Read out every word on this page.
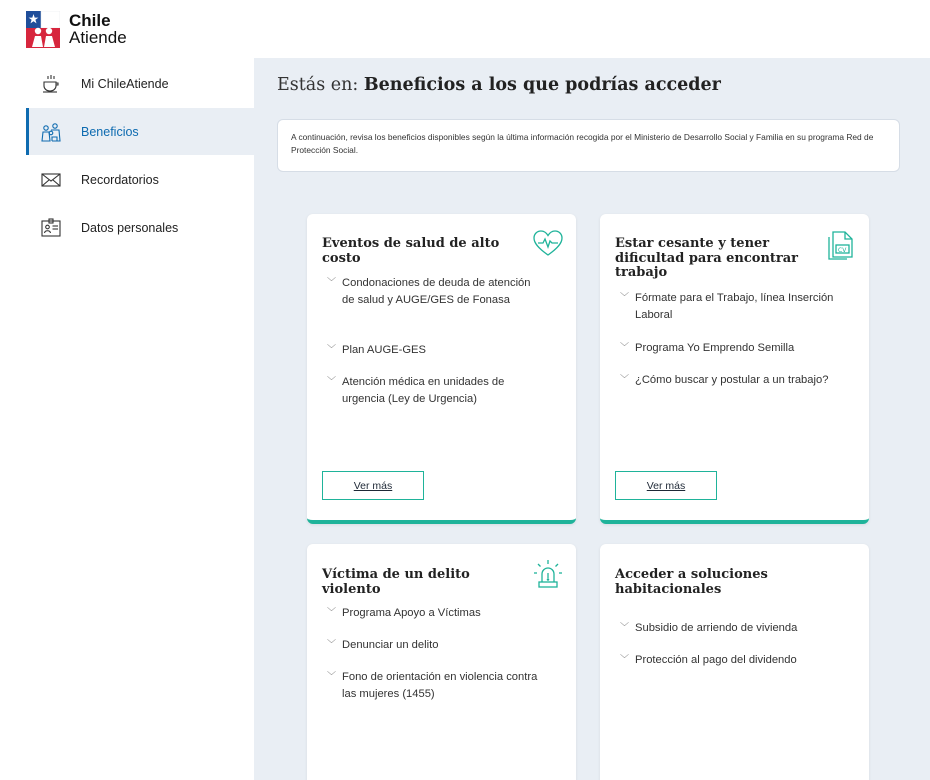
Chile
Atiende
Mi ChileAtiende
Beneficios
Recordatorios
Datos personales
Estás en: Beneficios a los que podrías acceder
A continuación, revisa los beneficios disponibles según la última información recogida por el Ministerio de Desarrollo Social y Familia en su programa Red de Protección Social.
Eventos de salud de alto costo
﹀ Condonaciones de deuda de atención de salud y AUGE/GES de Fonasa
﹀ Plan AUGE-GES
﹀ Atención médica en unidades de urgencia (Ley de Urgencia)
Ver más
Estar cesante y tener dificultad para encontrar trabajo
CV
﹀ Fórmate para el Trabajo, línea Inserción Laboral
﹀ Programa Yo Emprendo Semilla
﹀ ¿Cómo buscar y postular a un trabajo?
Ver más
Víctima de un delito violento
﹀ Programa Apoyo a Víctimas
﹀ Denunciar un delito
﹀ Fono de orientación en violencia contra las mujeres (1455)
Acceder a soluciones habitacionales
﹀ Subsidio de arriendo de vivienda
﹀ Protección al pago del dividendo
